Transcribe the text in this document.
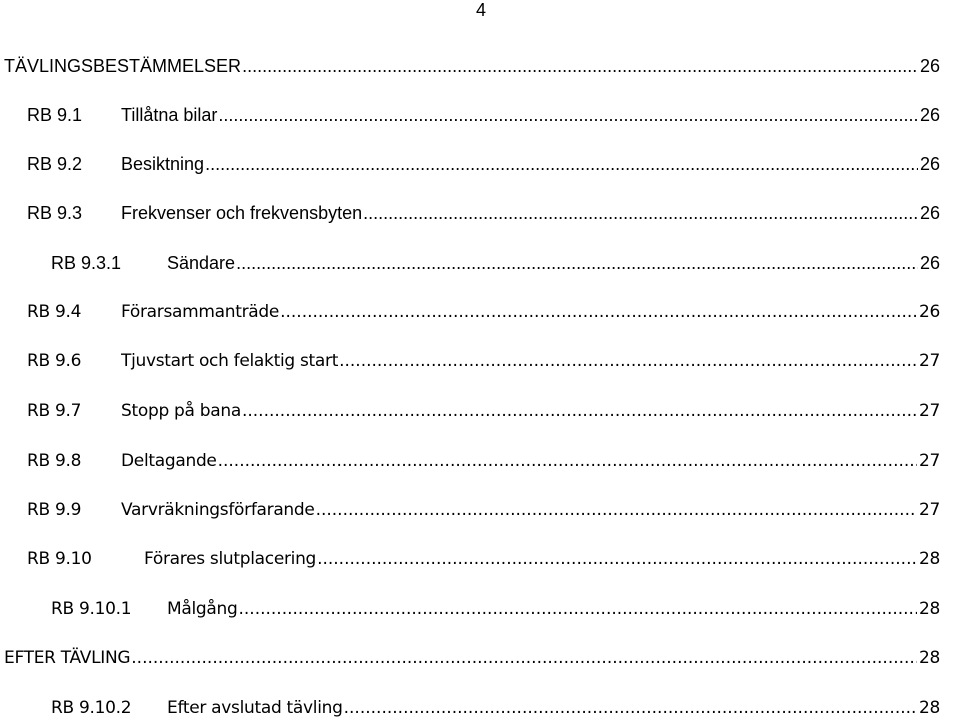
4
TÄVLINGSBESTÄMMELSER .....	26
RB 9.1 Tillåtna bilar .....	26
RB 9.2 Besiktning .....	26
RB 9.3 Frekvenser och frekvensbyten .....	26
RB 9.3.1	Sändare .....	26
RB 9.4 Förarsammanträde .....	26
RB 9.6 Tjuvstart och felaktig start .....	27
RB 9.7 Stopp på bana .....	27
RB 9.8 Deltagande .....	27
RB 9.9 Varvräkningsförfarande .....	27
RB 9.10	Förares slutplacering .....	28
RB 9.10.1 Målgång .....	28
EFTER TÄVLING .....	28
RB 9.10.2 Efter avslutad tävling .....	28
